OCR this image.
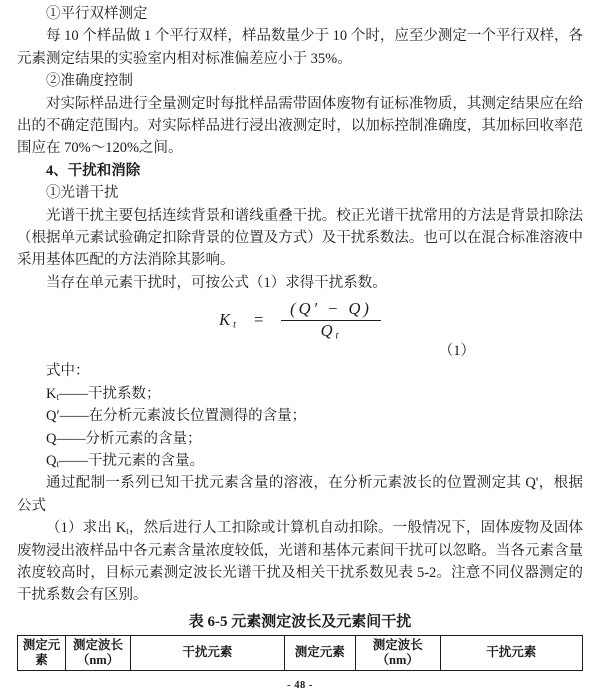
①平行双样测定

每 10 个样品做 1 个平行双样，样品数量少于 10 个时，应至少测定一个平行双样，各元素测定结果的实验室内相对标准偏差应小于 35%。

②准确度控制

对实际样品进行全量测定时每批样品需带固体废物有证标准物质，其测定结果应在给出的不确定范围内。对实际样品进行浸出液测定时，以加标控制准确度，其加标回收率范围应在 70%～120%之间。

4、干扰和消除

①光谱干扰

光谱干扰主要包括连续背景和谱线重叠干扰。校正光谱干扰常用的方法是背景扣除法（根据单元素试验确定扣除背景的位置及方式）及干扰系数法。也可以在混合标准溶液中采用基体匹配的方法消除其影响。

当存在单元素干扰时，可按公式（1）求得干扰系数。

$K_t = \frac{(Q' - Q)}{Q_t}$
（1）

式中：

$K_t——$干扰系数；

Q′——在分析元素波长位置测得的含量；

Q——分析元素的含量；

$Q_t——$干扰元素的含量。

通过配制一系列已知干扰元素含量的溶液，在分析元素波长的位置测定其 Q'，根据公式

（1）求出 $K_t$，然后进行人工扣除或计算机自动扣除。一般情况下，固体废物及固体废物浸出液样品中各元素含量浓度较低，光谱和基体元素间干扰可以忽略。当各元素含量浓度较高时，目标元素测定波长光谱干扰及相关干扰系数见表 5-2。注意不同仪器测定的干扰系数会有区别。

表 6-5 元素测定波长及元素间干扰
测定元素	测定波长（nm）	干扰元素	测定元素	测定波长（nm）	干扰元素
- 48 -
